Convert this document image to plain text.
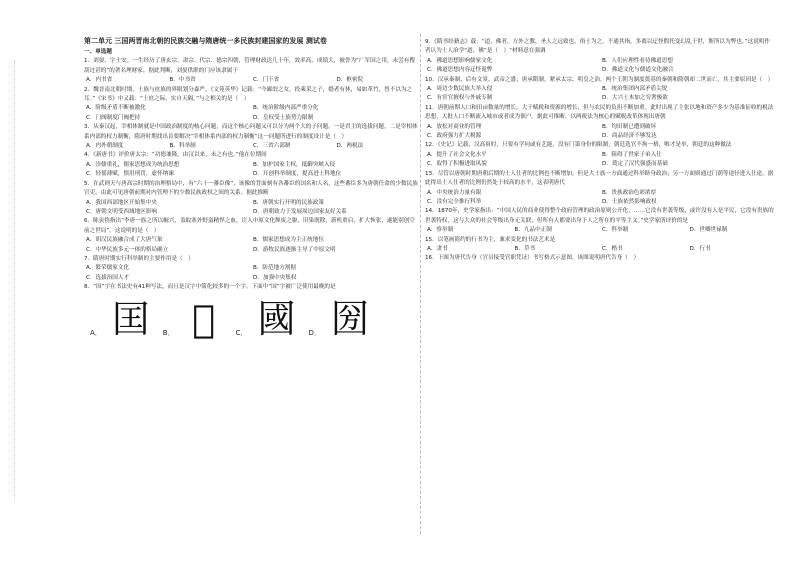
第二单元 三国两晋南北朝的民族交融与隋唐统一多民族封建国家的发展 测试卷
一、单选题

1．刘晏，字士安。一生经历了唐玄宗、肃宗、代宗、德宗四朝，管理财政达几十年，效率高，成绩大，被誉为“广军国之用，未尝有搜刮过甚的”的著名理财家。据此判断，刘晏供职的门应该隶属于

A．内书省	B．中书省	C．门下省	D．枢密院

2．魏晋南北朝时期，士族与庶族的界限划分森严。《文苑英华》记载：“今鄙氓之女，投乘采之子，婚者有休，易如革竹，曾不以为之耳。”《宋书》中又载：“士庶之际，实自天隔。”与之相关的是（　）

A．阶级矛盾不断被激化	B．统治阶级内部严重分化
C．门阀制度门阀把持	D．皇权受士族势力限制

3．从秦汉起，宰相体制就是中国政治制度的核心问题，而这个核心问题又可以分为两个大的子问题，一是君主的选拔问题，二是宰相体系内部的权力制衡，隋唐时期找出首要解决“宰相体系内部的权力制衡”这一问题所进行的制度设计是（　）

A．内外朝制度	B．科举制	C．三省六部制	D．两税法

4．《新唐书》评价唐太宗：“功德兼隆，由汉以来，未之有也。”他在位期间

A．崇儒重礼，儒家思想成为统治思想	B．加护国家主权，抵御突厥入侵
C．轻徭薄赋，慎用刑罚，虚怀纳谏	D．开创科举制度，提高进士科地位

5．在武则天与唐高宗时期的治理格局中，有“六十一蕃臣像”，该像的背面刻有各蕃臣的国名和人名，这些蕃臣多为唐朝任命的少数民族官吏。由此可见唐朝前期对内管理下的少数民族政权之间的关系。据此推断

A．我国西部地区开始集中央	B．唐朝实行开明的民族政策
C．唐朝文明受西域地区影响	D．唐朝致力于发展周边国家友好关系

6．陈寅恪指出“李唐一族之所以崛兴，盖取塞外野蛮精悍之血，注入中原文化颓废之躯，旧染既除，新机重启，扩大恢张，遂能别创空前之世局”。这说明的是（　）

A．胡汉民族融合成了大唐气象	B．儒家思想成为主正统地位
C．中华民族多元一体的格局确立	D．游牧民族逐渐主导了中原文明

7．隋唐时期实行科举制的主要作用是（　）

A．繁荣儒家文化	B．防范地方割据
C．选拔治国人才	D．加强中央集权

8．“国”字在书法史有41种写法，而且是汉字中简化较多的一个字。下面中“国”字被广泛使用最晚的是

A． 囯	B． 𡆫	C． 國	D． 圀

9．《隋书经籍志》载：“道、佛者，方外之教，圣人之远致也，俗士为之，不通其指，多离以迂怪假托变幻乱于世，斯所以为弊也。”这说明作者认为士人治学“道、佛”是（　）“材料意在强调

A．佛道思想影响儒家文化	B．人们应理性看待佛道思想
C．佛道思想内容迂怪诡弊	D．佛道文化与儒道文化融合

10．汉承秦制，后有文景、武帝之盛；唐承隋制，紧承太宗、明皇之治。两个王朝为制度奠基的秦朝和隋朝却二世而亡，其主要原因是（　）

A．周边少数民族大举入侵	B．统治集团内部矛盾尖锐
C．有宦官擅权与外戚专制	D．大兴土木加之穷奢极欲

11．唐朝前期人口和田亩数量的增长，大于赋税和资源的增长，但与农民的负担不断加重。此时出现了主张以地和资产多少为基准征收的税法思想，大批人口不断流入城市或者成为佃户。据此可推断，以两税法为核心的赋税改革体现出唐朝

A．放松对商业的管理	B．均田制已遭到破坏
C．政府强力扩大税源	D．商品经济不够发达

12．《史记》记载，汉高祖时，只要有学问或有艺能，没有门第身份的限制，朝廷选官不拘一格，唯才是举，朝廷的这种做法

A．提升了社会文化水平	B．阻碍了世家子弟入仕
C．取得了积极进取风貌	D．奠定了汉代强盛而基础

13．尽管以唐朝时期唐朝后期的士人仕者的比例也不断增加，但是大士族一方面通过科举跻身政治；另一方面则通过门荫等途径进入仕途，据此得出士人仕者的比例仍然处于较高的水平，这表明唐代

A．中央统治力量有限	B．贵族政治色彩浓厚
C．没有完全推行科举	D．士族依然影响政权

14．1870年，史学家指出：“中国人民的商业使得整个政府管理的政治原则公开化，……它没有世袭等级，或许没有人是平民，它没有贵族的世袭特权，这与大众的社会等级出身无关联，但所有人都要出身于人之所在的平等主义。”史学家所评价的是

A．察举制	B．九品中正制	C．科举制	D．世卿世禄制

15．以笔画简约的行书为主，兼求变化的书法艺术是

A．隶书	B．草书	C．楷书	D．行书

16．下图为唐代告身（官员接受官职凭证）书写格式示意图，该图说明唐代告身（　）
